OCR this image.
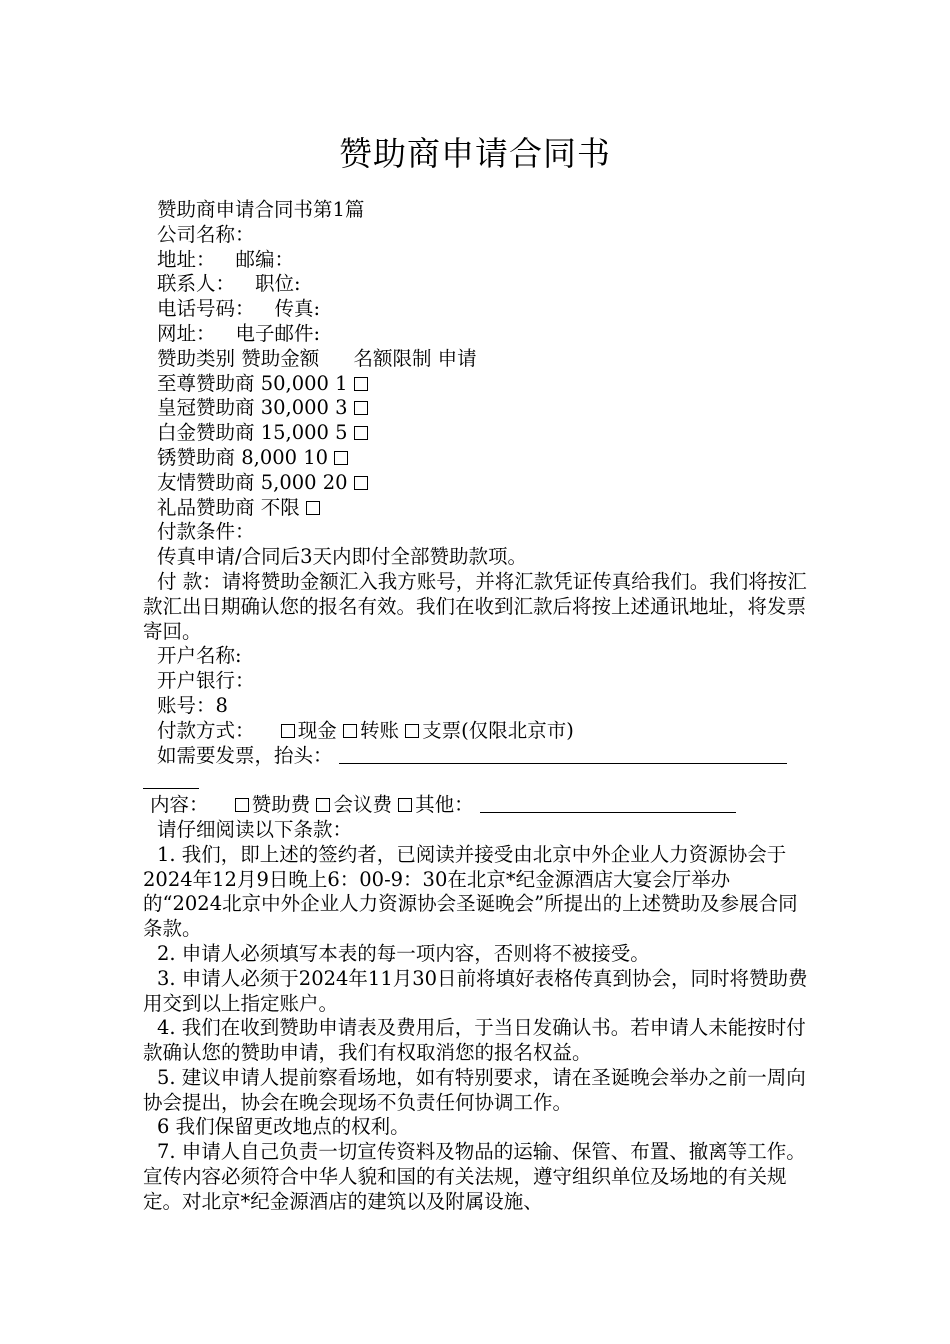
赞助商申请合同书
赞助商申请合同书第1篇
公司名称：
地址： 邮编：
联系人： 职位:
电话号码： 传真:
网址： 电子邮件:
赞助类别 赞助金额 名额限制 申请
至尊赞助商 50,000 1
皇冠赞助商 30,000 3
白金赞助商 15,000 5
锈赞助商 8,000 10
友情赞助商 5,000 20
礼品赞助商 不限
付款条件：
传真申请/合同后3天内即付全部赞助款项。
付 款：请将赞助金额汇入我方账号，并将汇款凭证传真给我们。我们将按汇款汇出日期确认您的报名有效。我们在收到汇款后将按上述通讯地址，将发票寄回。
开户名称:
开户银行：
账号：8
付款方式： 现金 转账 支票(仅限北京市)
如需要发票，抬头：
内容： 赞助费 会议费 其他：
请仔细阅读以下条款：
1. 我们，即上述的签约者，已阅读并接受由北京中外企业人力资源协会于2024年12月9日晚上6：00-9：30在北京*纪金源酒店大宴会厅举办的“2024北京中外企业人力资源协会圣诞晚会”所提出的上述赞助及参展合同条款。
2. 申请人必须填写本表的每一项内容，否则将不被接受。
3. 申请人必须于2024年11月30日前将填好表格传真到协会，同时将赞助费用交到以上指定账户。
4. 我们在收到赞助申请表及费用后，于当日发确认书。若申请人未能按时付款确认您的赞助申请，我们有权取消您的报名权益。
5. 建议申请人提前察看场地，如有特别要求，请在圣诞晚会举办之前一周向协会提出，协会在晚会现场不负责任何协调工作。
6 我们保留更改地点的权利。
7. 申请人自己负责一切宣传资料及物品的运输、保管、布置、撤离等工作。宣传内容必须符合中华人貌和国的有关法规，遵守组织单位及场地的有关规定。对北京*纪金源酒店的建筑以及附属设施、
